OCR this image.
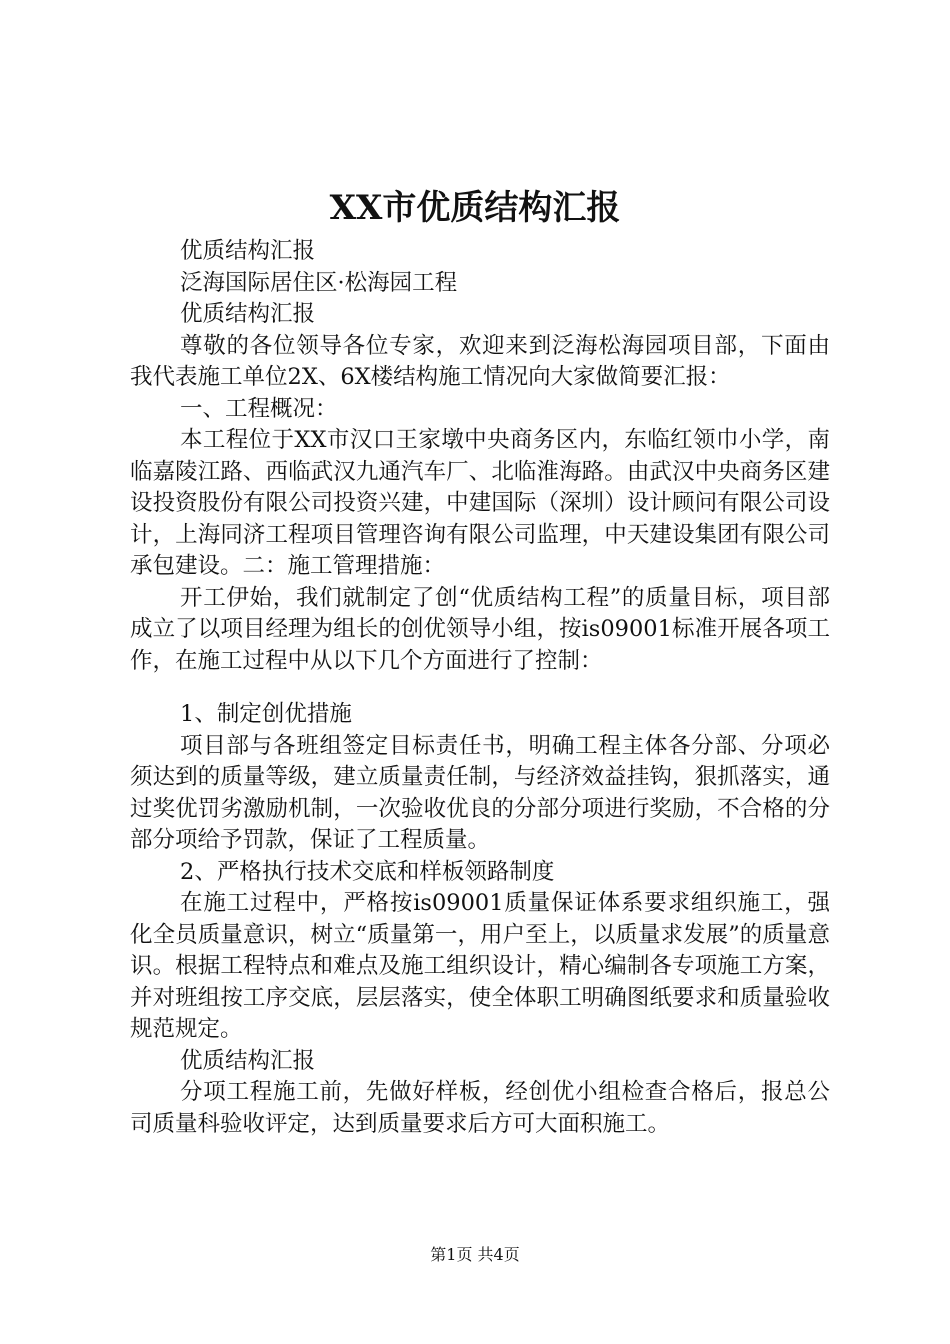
XX市优质结构汇报

优质结构汇报

泛海国际居住区·松海园工程

优质结构汇报

尊敬的各位领导各位专家，欢迎来到泛海松海园项目部，下面由我代表施工单位2X、6X楼结构施工情况向大家做简要汇报：

一、工程概况：

本工程位于XX市汉口王家墩中央商务区内，东临红领巾小学，南临嘉陵江路、西临武汉九通汽车厂、北临淮海路。由武汉中央商务区建设投资股份有限公司投资兴建，中建国际（深圳）设计顾问有限公司设计，上海同济工程项目管理咨询有限公司监理，中天建设集团有限公司承包建设。二：施工管理措施：

开工伊始，我们就制定了创“优质结构工程”的质量目标，项目部成立了以项目经理为组长的创优领导小组，按is09001标准开展各项工作，在施工过程中从以下几个方面进行了控制：

1、制定创优措施

项目部与各班组签定目标责任书，明确工程主体各分部、分项必须达到的质量等级，建立质量责任制，与经济效益挂钩，狠抓落实，通过奖优罚劣激励机制，一次验收优良的分部分项进行奖励，不合格的分部分项给予罚款，保证了工程质量。

2、严格执行技术交底和样板领路制度

在施工过程中，严格按is09001质量保证体系要求组织施工，强化全员质量意识，树立“质量第一，用户至上，以质量求发展”的质量意识。根据工程特点和难点及施工组织设计，精心编制各专项施工方案，并对班组按工序交底，层层落实，使全体职工明确图纸要求和质量验收规范规定。

优质结构汇报

分项工程施工前，先做好样板，经创优小组检查合格后，报总公司质量科验收评定，达到质量要求后方可大面积施工。

第1页 共4页
